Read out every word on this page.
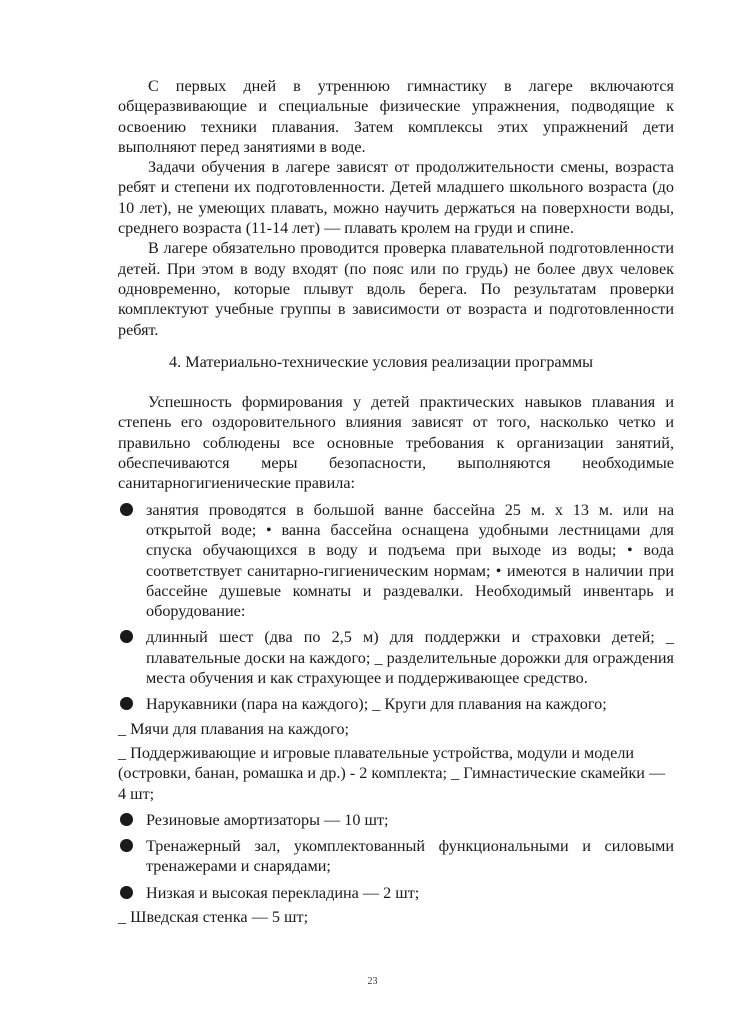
С первых дней в утреннюю гимнастику в лагере включаются общеразвивающие и специальные физические упражнения, подводящие к освоению техники плавания. Затем комплексы этих упражнений дети выполняют перед занятиями в воде.

Задачи обучения в лагере зависят от продолжительности смены, возраста ребят и степени их подготовленности. Детей младшего школьного возраста (до 10 лет), не умеющих плавать, можно научить держаться на поверхности воды, среднего возраста (11-14 лет) — плавать кролем на груди и спине.

В лагере обязательно проводится проверка плавательной подготовленности детей. При этом в воду входят (по пояс или по грудь) не более двух человек одновременно, которые плывут вдоль берега. По результатам проверки комплектуют учебные группы в зависимости от возраста и подготовленности ребят.

4. Материально-технические условия реализации программы

Успешность формирования у детей практических навыков плавания и степень его оздоровительного влияния зависят от того, насколько четко и правильно соблюдены все основные требования к организации занятий, обеспечиваются меры безопасности, выполняются необходимые санитарногигиенические правила:

занятия проводятся в большой ванне бассейна 25 м. х 13 м. или на открытой воде; • ванна бассейна оснащена удобными лестницами для спуска обучающихся в воду и подъема при выходе из воды; • вода соответствует санитарно-гигиеническим нормам; • имеются в наличии при бассейне душевые комнаты и раздевалки. Необходимый инвентарь и оборудование:
длинный шест (два по 2,5 м) для поддержки и страховки детей; _ плавательные доски на каждого; _ разделительные дорожки для ограждения места обучения и как страхующее и поддерживающее средство.
Нарукавники (пара на каждого); _ Круги для плавания на каждого;
_ Мячи для плавания на каждого;
_ Поддерживающие и игровые плавательные устройства, модули и модели (островки, банан, ромашка и др.) - 2 комплекта; _ Гимнастические скамейки — 4 шт;
Резиновые амортизаторы — 10 шт;
Тренажерный зал, укомплектованный функциональными и силовыми тренажерами и снарядами;
Низкая и высокая перекладина — 2 шт;
_ Шведская стенка — 5 шт;
23
